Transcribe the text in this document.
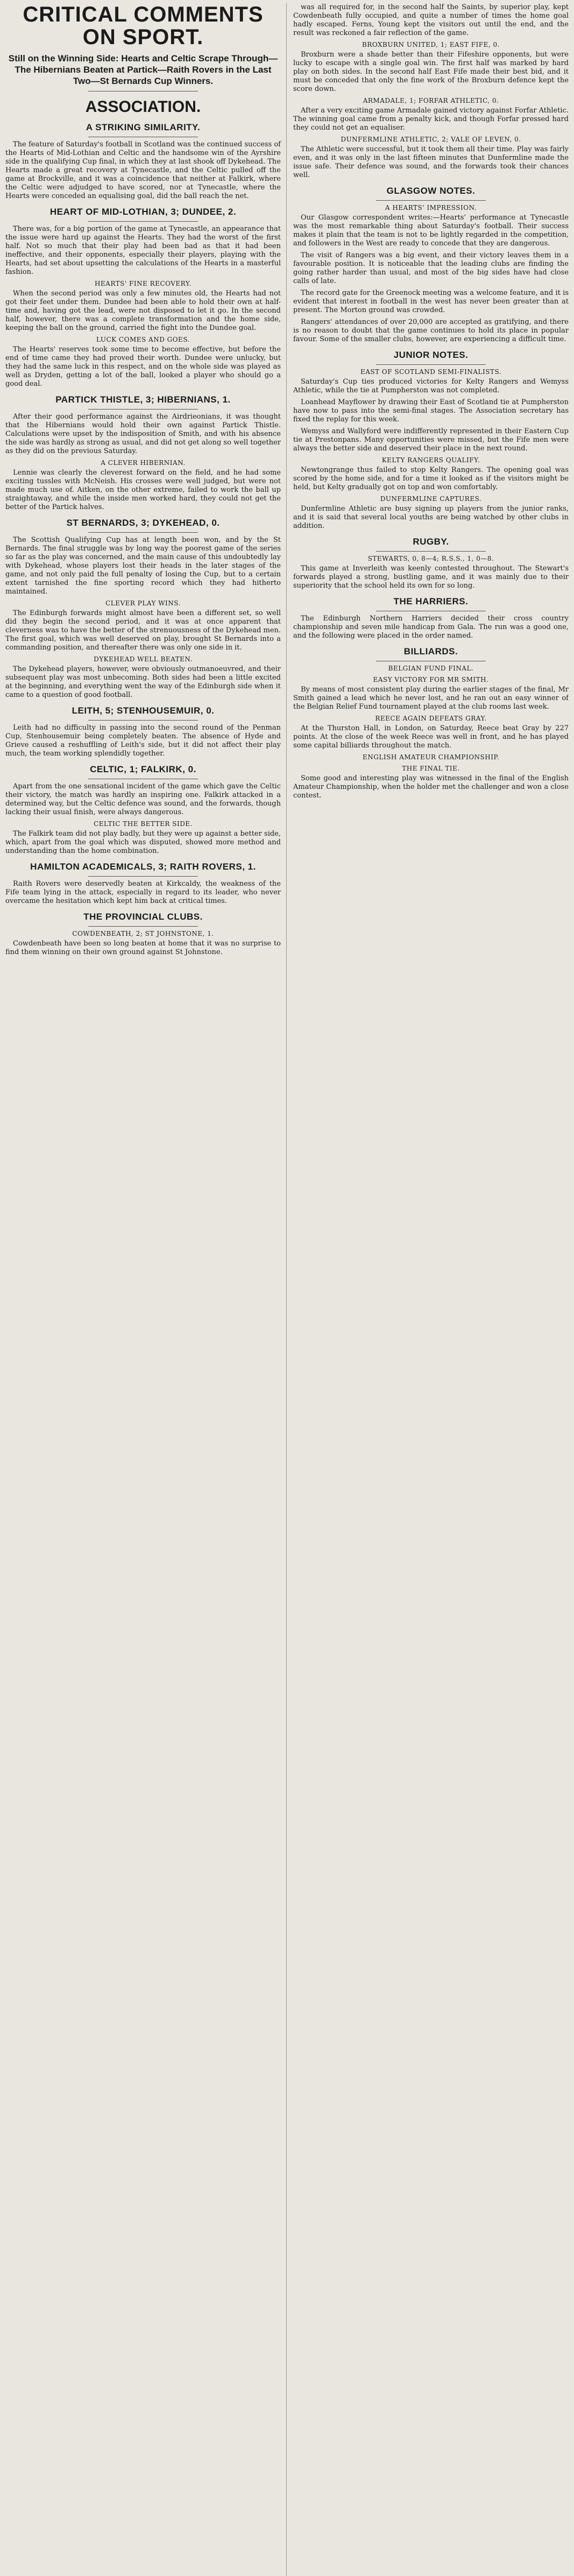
CRITICAL COMMENTS ON SPORT.
Still on the Winning Side: Hearts and Celtic Scrape Through—The Hibernians Beaten at Partick—Raith Rovers in the Last Two—St Bernards Cup Winners.
ASSOCIATION.
A STRIKING SIMILARITY.

The feature of Saturday's football in Scotland was the continued success of the Hearts of Mid-Lothian and Celtic and the handsome win of the Ayrshire side in the qualifying Cup final, in which they at last shook off Dykehead. The Hearts made a great recovery at Tynecastle, and the Celtic pulled off the game at Brockville, and it was a coincidence that neither at Falkirk, where the Celtic were adjudged to have scored, nor at Tynecastle, where the Hearts were conceded an equalising goal, did the ball reach the net.

HEART OF MID-LOTHIAN, 3; DUNDEE, 2.

There was, for a big portion of the game at Tynecastle, an appearance that the issue were hard up against the Hearts. They had the worst of the first half. Not so much that their play had been bad as that it had been ineffective, and their opponents, especially their players, playing with the Hearts, had set about upsetting the calculations of the Hearts in a masterful fashion.

HEARTS' FINE RECOVERY.

When the second period was only a few minutes old, the Hearts had not got their feet under them. Dundee had been able to hold their own at half-time and, having got the lead, were not disposed to let it go. In the second half, however, there was a complete transformation and the home side, keeping the ball on the ground, carried the fight into the Dundee goal.

LUCK COMES AND GOES.

The Hearts' reserves took some time to become effective, but before the end of time came they had proved their worth. Dundee were unlucky, but they had the same luck in this respect, and on the whole side was played as well as Dryden, getting a lot of the ball, looked a player who should go a good deal.

PARTICK THISTLE, 3; HIBERNIANS, 1.

After their good performance against the Airdrieonians, it was thought that the Hibernians would hold their own against Partick Thistle. Calculations were upset by the indisposition of Smith, and with his absence the side was hardly as strong as usual, and did not get along so well together as they did on the previous Saturday.

A CLEVER HIBERNIAN.

Lennie was clearly the cleverest forward on the field, and he had some exciting tussles with McNeish. His crosses were well judged, but were not made much use of. Aitken, on the other extreme, failed to work the ball up straightaway, and while the inside men worked hard, they could not get the better of the Partick halves.

ST BERNARDS, 3; DYKEHEAD, 0.

The Scottish Qualifying Cup has at length been won, and by the St Bernards. The final struggle was by long way the poorest game of the series so far as the play was concerned, and the main cause of this undoubtedly lay with Dykehead, whose players lost their heads in the later stages of the game, and not only paid the full penalty of losing the Cup, but to a certain extent tarnished the fine sporting record which they had hitherto maintained.

CLEVER PLAY WINS.

The Edinburgh forwards might almost have been a different set, so well did they begin the second period, and it was at once apparent that cleverness was to have the better of the strenuousness of the Dykehead men. The first goal, which was well deserved on play, brought St Bernards into a commanding position, and thereafter there was only one side in it.

DYKEHEAD WELL BEATEN.

The Dykehead players, however, were obviously outmanoeuvred, and their subsequent play was most unbecoming. Both sides had been a little excited at the beginning, and everything went the way of the Edinburgh side when it came to a question of good football.

LEITH, 5; STENHOUSEMUIR, 0.

Leith had no difficulty in passing into the second round of the Penman Cup, Stenhousemuir being completely beaten. The absence of Hyde and Grieve caused a reshuffling of Leith's side, but it did not affect their play much, the team working splendidly together.

CELTIC, 1; FALKIRK, 0.

Apart from the one sensational incident of the game which gave the Celtic their victory, the match was hardly an inspiring one. Falkirk attacked in a determined way, but the Celtic defence was sound, and the forwards, though lacking their usual finish, were always dangerous.

CELTIC THE BETTER SIDE.

The Falkirk team did not play badly, but they were up against a better side, which, apart from the goal which was disputed, showed more method and understanding than the home combination.

HAMILTON ACADEMICALS, 3; RAITH ROVERS, 1.

Raith Rovers were deservedly beaten at Kirkcaldy, the weakness of the Fife team lying in the attack, especially in regard to its leader, who never overcame the hesitation which kept him back at critical times.

THE PROVINCIAL CLUBS.
COWDENBEATH, 2; ST JOHNSTONE, 1.

Cowdenbeath have been so long beaten at home that it was no surprise to find them winning on their own ground against St Johnstone.

was all required for, in the second half the Saints, by superior play, kept Cowdenbeath fully occupied, and quite a number of times the home goal hadly escaped. Ferns, Young kept the visitors out until the end, and the result was reckoned a fair reflection of the game.

BROXBURN UNITED, 1; EAST FIFE, 0.

Broxburn were a shade better than their Fifeshire opponents, but were lucky to escape with a single goal win. The first half was marked by hard play on both sides. In the second half East Fife made their best bid, and it must be conceded that only the fine work of the Broxburn defence kept the score down.

ARMADALE, 1; FORFAR ATHLETIC, 0.

After a very exciting game Armadale gained victory against Forfar Athletic. The winning goal came from a penalty kick, and though Forfar pressed hard they could not get an equaliser.

DUNFERMLINE ATHLETIC, 2; VALE OF LEVEN, 0.

The Athletic were successful, but it took them all their time. Play was fairly even, and it was only in the last fifteen minutes that Dunfermline made the issue safe. Their defence was sound, and the forwards took their chances well.

GLASGOW NOTES.
A HEARTS' IMPRESSION.

Our Glasgow correspondent writes:—Hearts' performance at Tynecastle was the most remarkable thing about Saturday's football. Their success makes it plain that the team is not to be lightly regarded in the competition, and followers in the West are ready to concede that they are dangerous.

The visit of Rangers was a big event, and their victory leaves them in a favourable position. It is noticeable that the leading clubs are finding the going rather harder than usual, and most of the big sides have had close calls of late.

The record gate for the Greenock meeting was a welcome feature, and it is evident that interest in football in the west has never been greater than at present. The Morton ground was crowded.

Rangers' attendances of over 20,000 are accepted as gratifying, and there is no reason to doubt that the game continues to hold its place in popular favour. Some of the smaller clubs, however, are experiencing a difficult time.

JUNIOR NOTES.
EAST OF SCOTLAND SEMI-FINALISTS.

Saturday's Cup ties produced victories for Kelty Rangers and Wemyss Athletic, while the tie at Pumpherston was not completed.

Loanhead Mayflower by drawing their East of Scotland tie at Pumpherston have now to pass into the semi-final stages. The Association secretary has fixed the replay for this week.

Wemyss and Wallyford were indifferently represented in their Eastern Cup tie at Prestonpans. Many opportunities were missed, but the Fife men were always the better side and deserved their place in the next round.

KELTY RANGERS QUALIFY.

Newtongrange thus failed to stop Kelty Rangers. The opening goal was scored by the home side, and for a time it looked as if the visitors might be held, but Kelty gradually got on top and won comfortably.

DUNFERMLINE CAPTURES.

Dunfermline Athletic are busy signing up players from the junior ranks, and it is said that several local youths are being watched by other clubs in addition.

RUGBY.
STEWARTS, 0, 8—4; R.S.S., 1, 0—8.

This game at Inverleith was keenly contested throughout. The Stewart's forwards played a strong, bustling game, and it was mainly due to their superiority that the school held its own for so long.

THE HARRIERS.

The Edinburgh Northern Harriers decided their cross country championship and seven mile handicap from Gala. The run was a good one, and the following were placed in the order named.

BILLIARDS.
BELGIAN FUND FINAL.
EASY VICTORY FOR MR SMITH.

By means of most consistent play during the earlier stages of the final, Mr Smith gained a lead which he never lost, and he ran out an easy winner of the Belgian Relief Fund tournament played at the club rooms last week.

REECE AGAIN DEFEATS GRAY.

At the Thurston Hall, in London, on Saturday, Reece beat Gray by 227 points. At the close of the week Reece was well in front, and he has played some capital billiards throughout the match.

ENGLISH AMATEUR CHAMPIONSHIP.
THE FINAL TIE.

Some good and interesting play was witnessed in the final of the English Amateur Championship, when the holder met the challenger and won a close contest.
